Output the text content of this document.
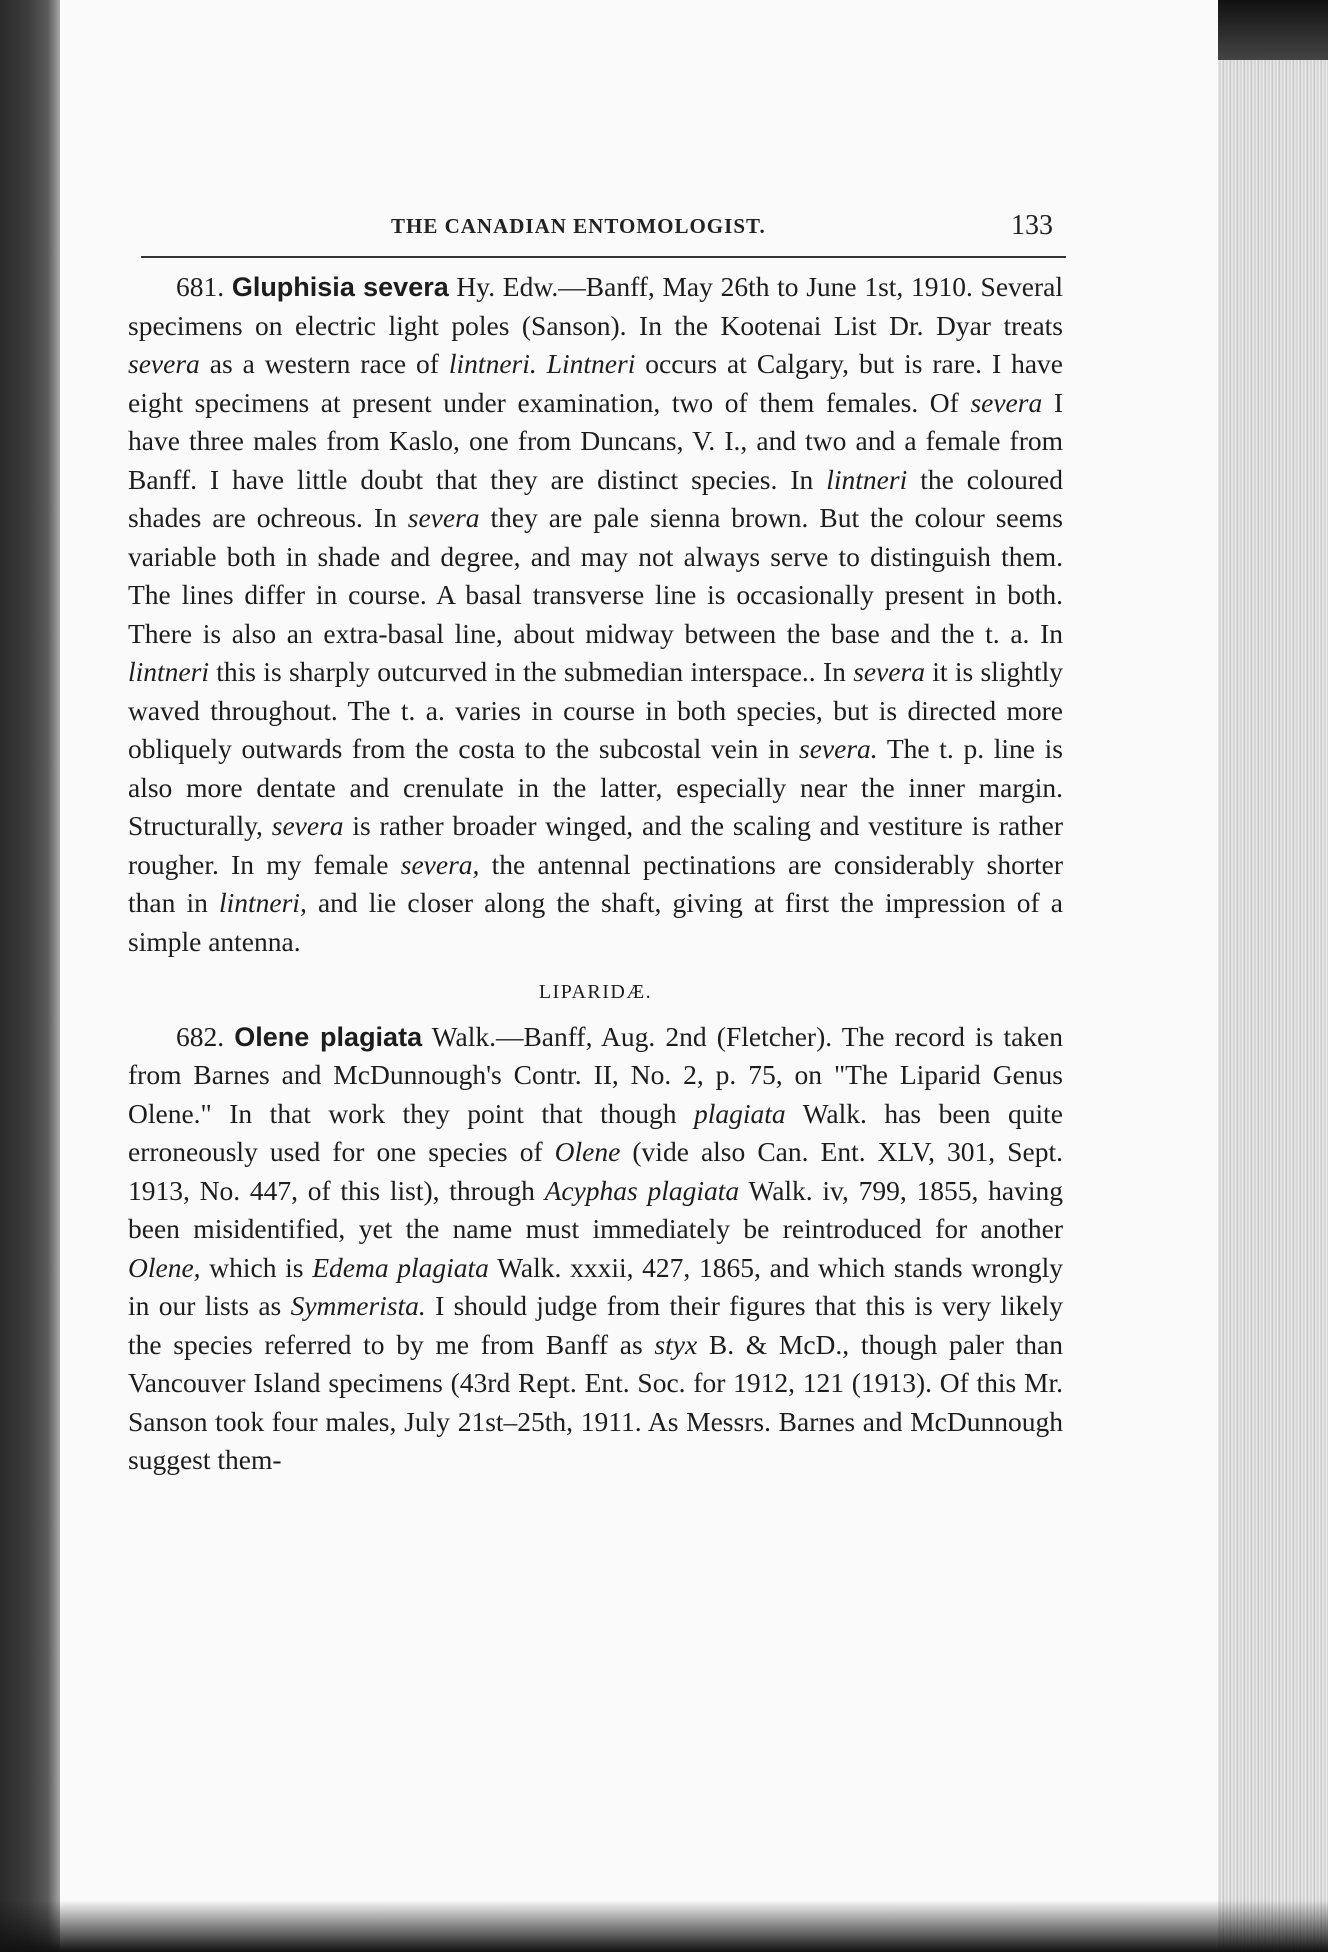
THE CANADIAN ENTOMOLOGIST.	133

681. Gluphisia severa Hy. Edw.—Banff, May 26th to June 1st, 1910. Several specimens on electric light poles (Sanson). In the Kootenai List Dr. Dyar treats severa as a western race of lintneri. Lintneri occurs at Calgary, but is rare. I have eight specimens at present under examination, two of them females. Of severa I have three males from Kaslo, one from Duncans, V. I., and two and a female from Banff. I have little doubt that they are distinct species. In lintneri the coloured shades are ochreous. In severa they are pale sienna brown. But the colour seems variable both in shade and degree, and may not always serve to distinguish them. The lines differ in course. A basal transverse line is occasionally present in both. There is also an extra-basal line, about midway between the base and the t. a. In lintneri this is sharply outcurved in the submedian interspace.. In severa it is slightly waved throughout. The t. a. varies in course in both species, but is directed more obliquely outwards from the costa to the subcostal vein in severa. The t. p. line is also more dentate and crenulate in the latter, especially near the inner margin. Structurally, severa is rather broader winged, and the scaling and vestiture is rather rougher. In my female severa, the antennal pectinations are considerably shorter than in lintneri, and lie closer along the shaft, giving at first the impression of a simple antenna.

LIPARIDÆ.

682. Olene plagiata Walk.—Banff, Aug. 2nd (Fletcher). The record is taken from Barnes and McDunnough's Contr. II, No. 2, p. 75, on "The Liparid Genus Olene." In that work they point that though plagiata Walk. has been quite erroneously used for one species of Olene (vide also Can. Ent. XLV, 301, Sept. 1913, No. 447, of this list), through Acyphas plagiata Walk. iv, 799, 1855, having been misidentified, yet the name must immediately be reintroduced for another Olene, which is Edema plagiata Walk. xxxii, 427, 1865, and which stands wrongly in our lists as Symmerista. I should judge from their figures that this is very likely the species referred to by me from Banff as styx B. & McD., though paler than Vancouver Island specimens (43rd Rept. Ent. Soc. for 1912, 121 (1913). Of this Mr. Sanson took four males, July 21st–25th, 1911. As Messrs. Barnes and McDunnough suggest them-
